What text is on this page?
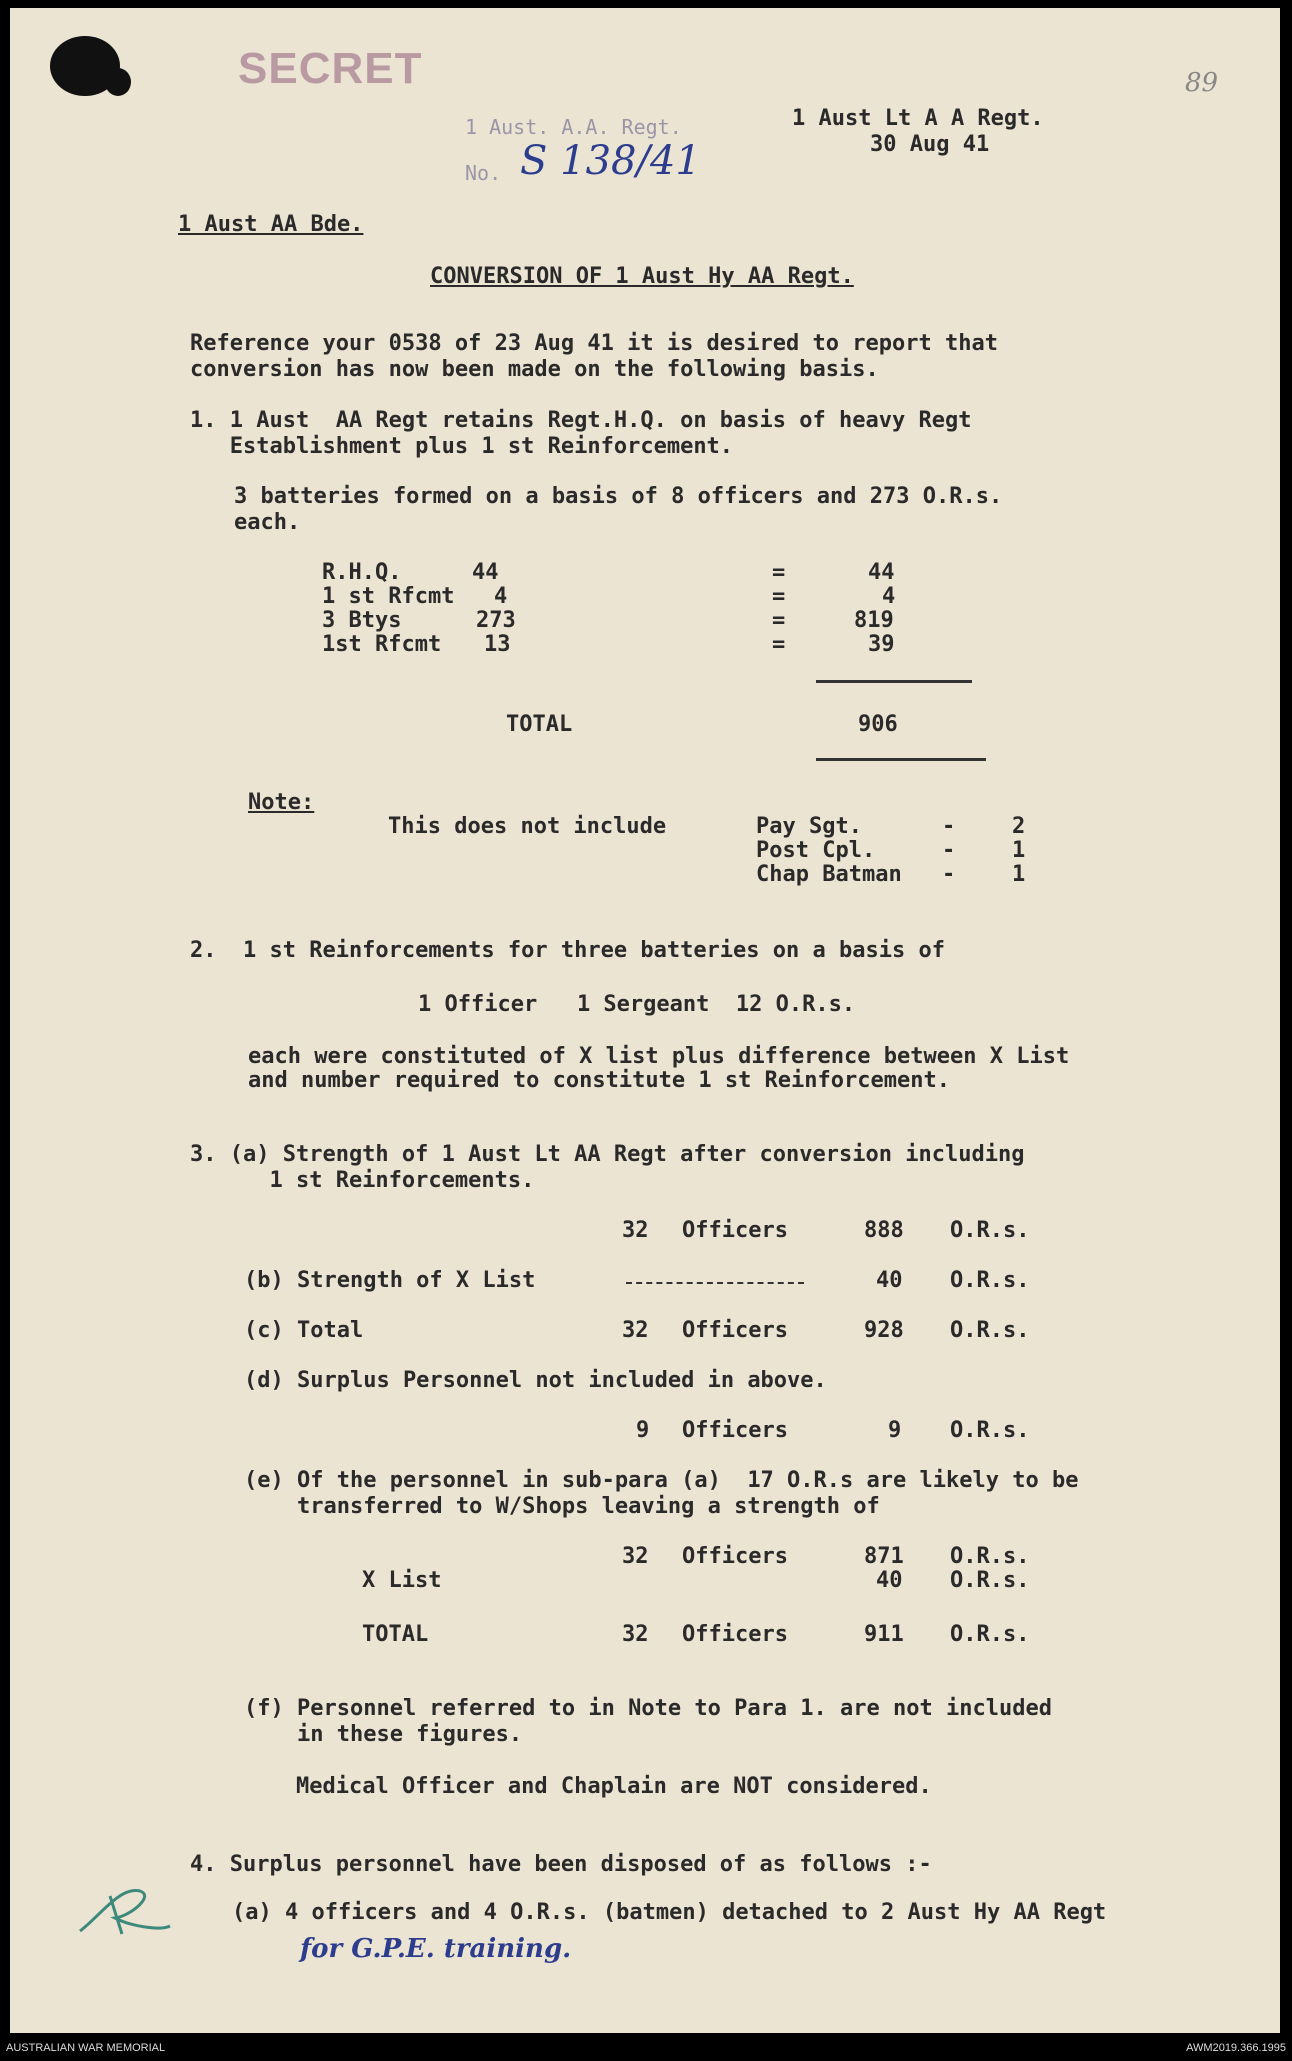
SECRET
1 Aust. A.A. Regt.
No. S 138/41
89
1 Aust Lt A A Regt.
30 Aug 41
1 Aust AA Bde.
CONVERSION OF 1 Aust Hy AA Regt.
Reference your 0538 of 23 Aug 41 it is desired to report that
conversion has now been made on the following basis.
1. 1 Aust  AA Regt retains Regt.H.Q. on basis of heavy Regt
Establishment plus 1 st Reinforcement.
3 batteries formed on a basis of 8 officers and 273 O.R.s.
each.
R.H.Q.	44	=	44
1 st Rfcmt 4	=	4
3 Btys	273	=	819
1st Rfcmt 13	=	39
TOTAL	906
Note:
This does not include	Pay Sgt.	-	2
Post Cpl.	-	1
Chap Batman -	1
2.  1 st Reinforcements for three batteries on a basis of
1 Officer   1 Sergeant  12 O.R.s.
each were constituted of X list plus difference between X List
and number required to constitute 1 st Reinforcement.
3. (a) Strength of 1 Aust Lt AA Regt after conversion including
1 st Reinforcements.
32 Officers	888 O.R.s.
(b) Strength of X List	40 O.R.s.
(c) Total	32 Officers	928 O.R.s.
(d) Surplus Personnel not included in above.
9 Officers	9 O.R.s.
(e) Of the personnel in sub-para (a)  17 O.R.s are likely to be
transferred to W/Shops leaving a strength of
32 Officers	871 O.R.s.
X List	40 O.R.s.
TOTAL	32 Officers	911 O.R.s.
(f) Personnel referred to in Note to Para 1. are not included
in these figures.
Medical Officer and Chaplain are NOT considered.
4. Surplus personnel have been disposed of as follows :-
(a) 4 officers and 4 O.R.s. (batmen) detached to 2 Aust Hy AA Regt
for G.P.E. training.
AUSTRALIAN WAR MEMORIAL	AWM2019.366.1995
